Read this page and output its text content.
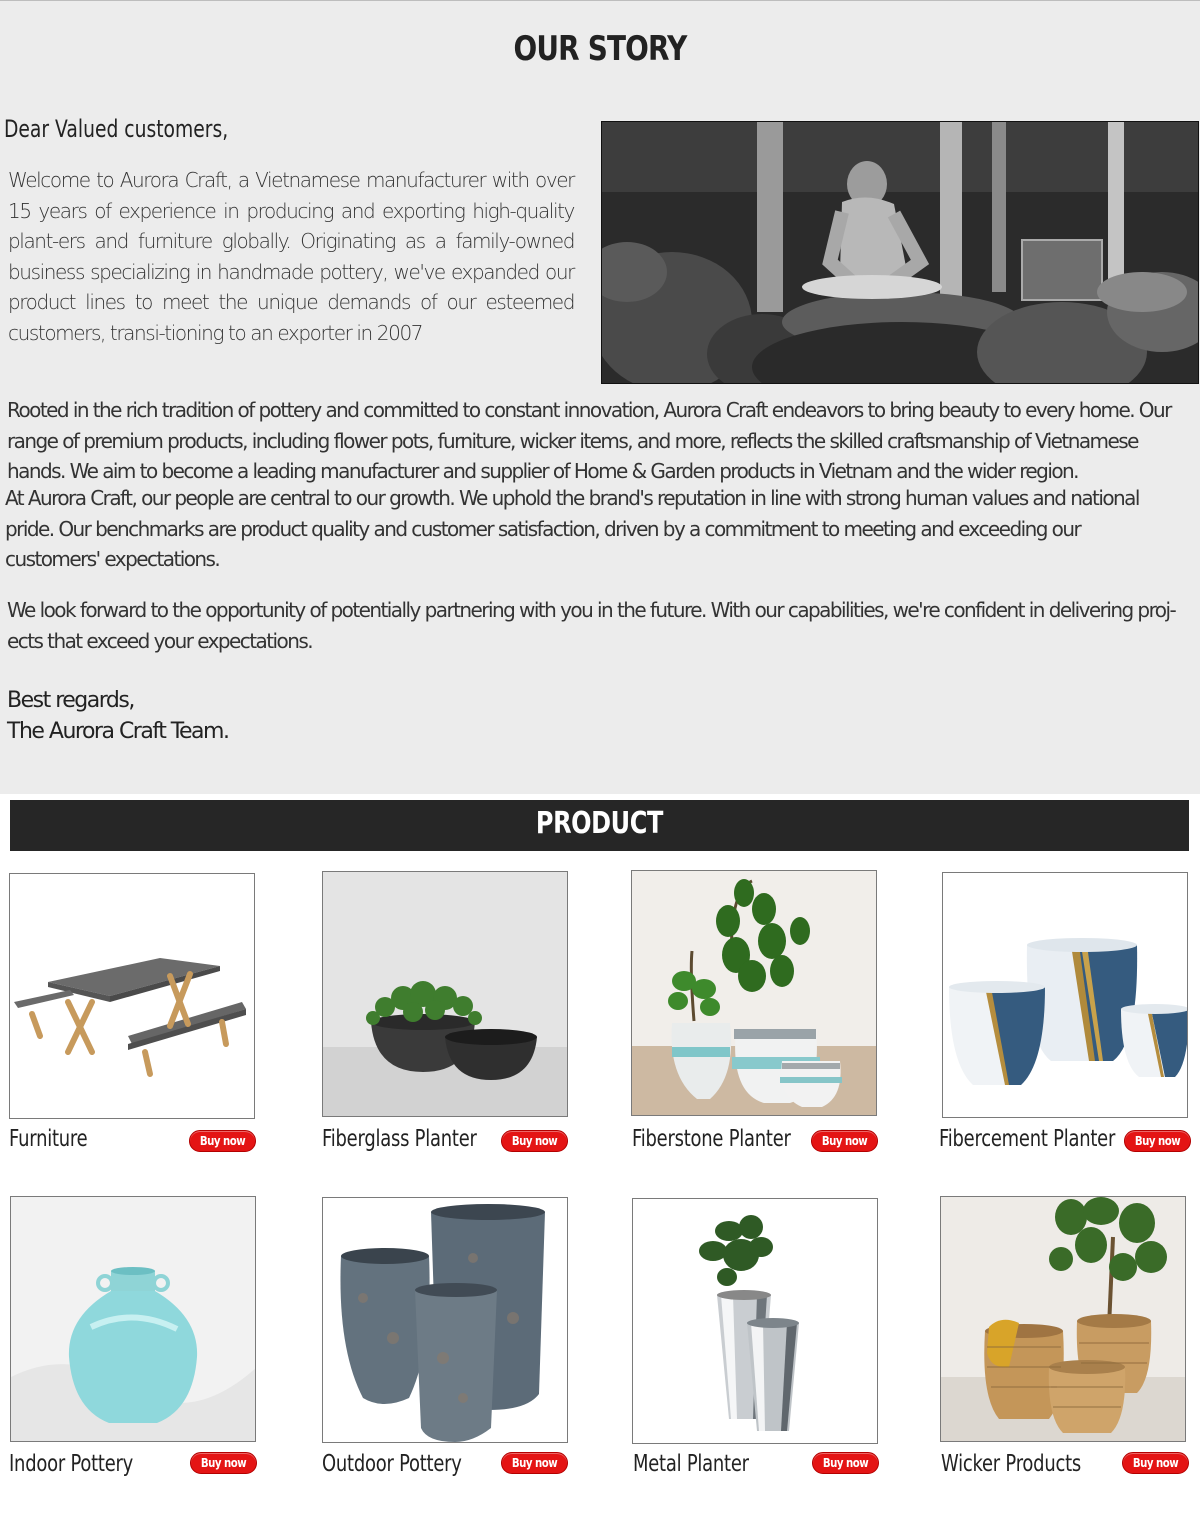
OUR STORY
Dear Valued customers,

Welcome to Aurora Craft, a Vietnamese manufacturer with over 15 years of experience in producing and exporting high-quality plant-ers and furniture globally. Originating as a family-owned business specializing in handmade pottery, we've expanded our product lines to meet the unique demands of our esteemed customers, transi-tioning to an exporter in 2007

Rooted in the rich tradition of pottery and committed to constant innovation, Aurora Craft endeavors to bring beauty to every home. Our
range of premium products, including flower pots, furniture, wicker items, and more, reflects the skilled craftsmanship of Vietnamese
hands. We aim to become a leading manufacturer and supplier of Home & Garden products in Vietnam and the wider region.

At Aurora Craft, our people are central to our growth. We uphold the brand's reputation in line with strong human values and national
pride. Our benchmarks are product quality and customer satisfaction, driven by a commitment to meeting and exceeding our
customers' expectations.

We look forward to the opportunity of potentially partnering with you in the future. With our capabilities, we're confident in delivering proj-
ects that exceed your expectations.

Best regards,
The Aurora Craft Team.

PRODUCT
Furniture	Buy now >>
Fiberglass Planter	Buy now >>
Fiberstone Planter	Buy now >>
Fibercement Planter	Buy now >>
Indoor Pottery	Buy now >>
Outdoor Pottery	Buy now >>
Metal Planter	Buy now >>
Wicker Products	Buy now >>
